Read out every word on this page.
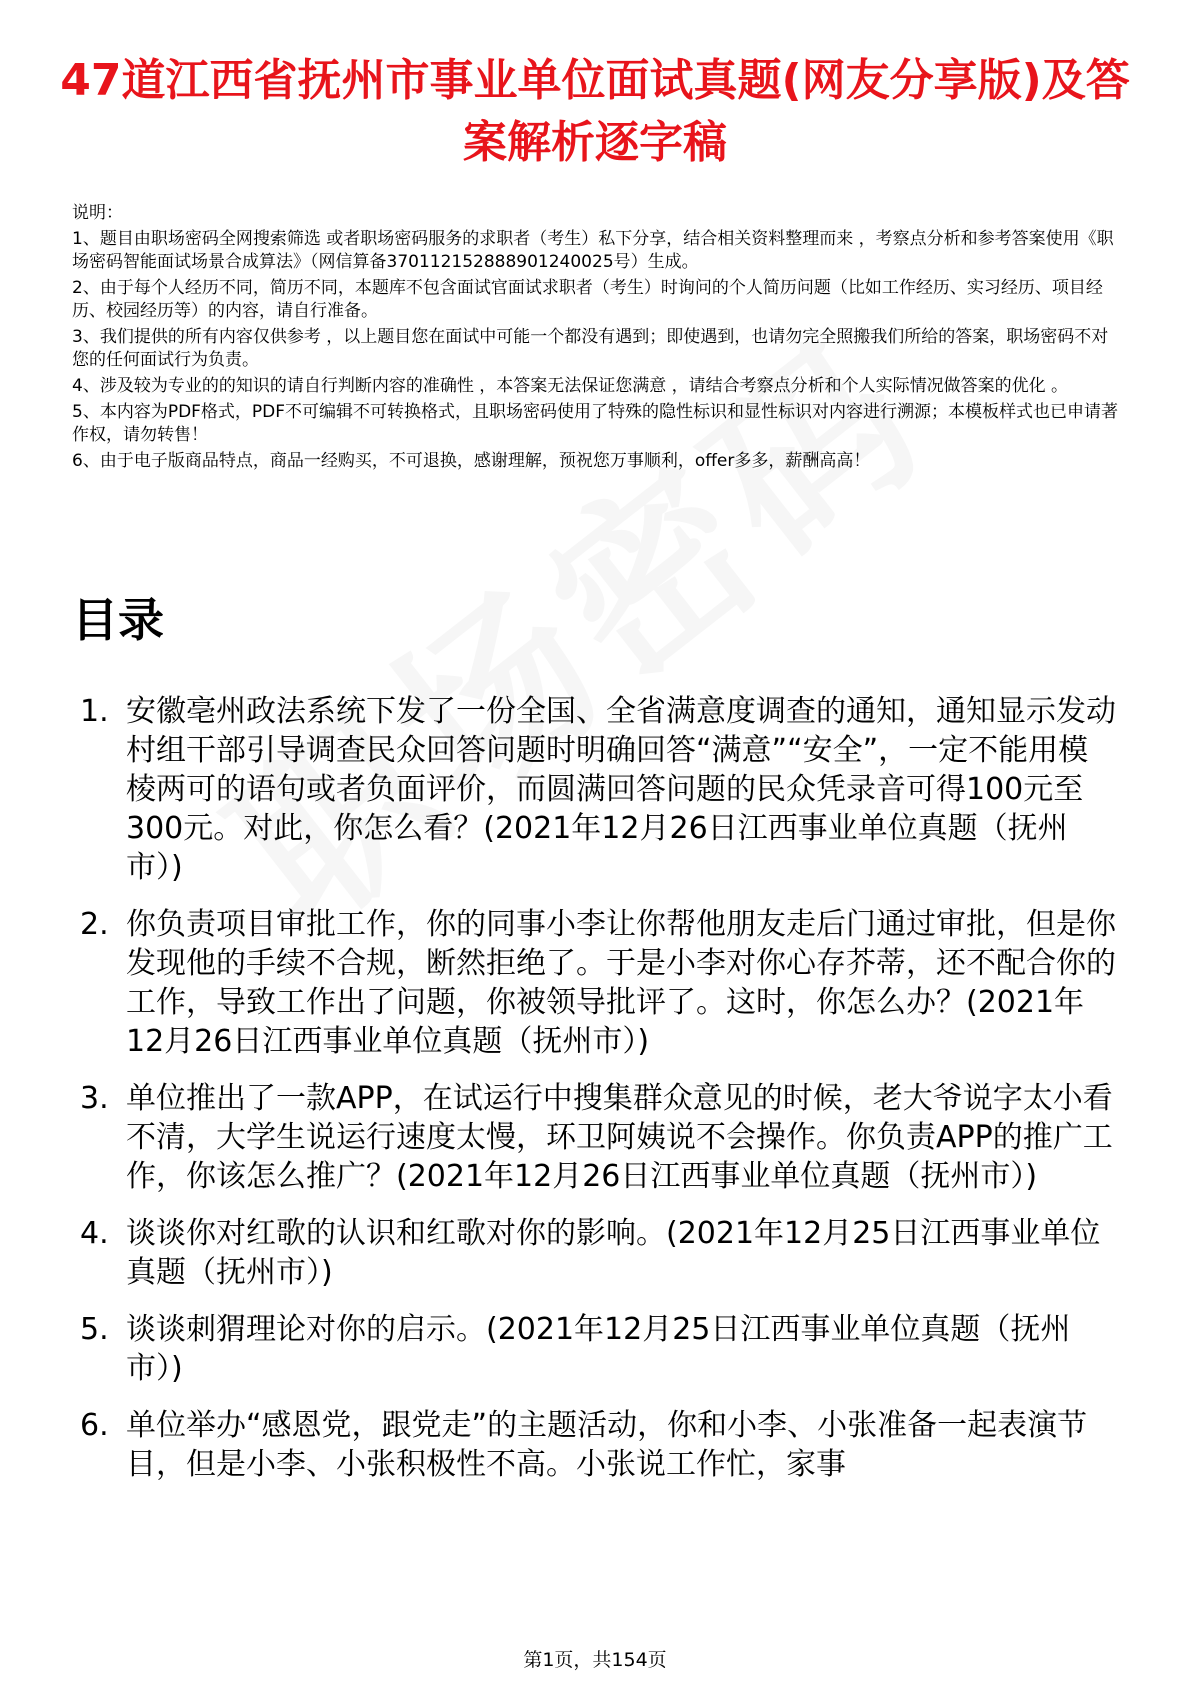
47道江西省抚州市事业单位面试真题(网友分享版)及答案解析逐字稿

说明：

1、题目由职场密码全网搜索筛选 或者职场密码服务的求职者（考生）私下分享，结合相关资料整理而来 ，考察点分析和参考答案使用《职场密码智能面试场景合成算法》（网信算备370112152888901240025号）生成。

2、由于每个人经历不同，简历不同，本题库不包含面试官面试求职者（考生）时询问的个人简历问题（比如工作经历、实习经历、项目经历、校园经历等）的内容，请自行准备。

3、我们提供的所有内容仅供参考 ，以上题目您在面试中可能一个都没有遇到；即使遇到，也请勿完全照搬我们所给的答案，职场密码不对您的任何面试行为负责。

4、涉及较为专业的的知识的请自行判断内容的准确性 ，本答案无法保证您满意 ，请结合考察点分析和个人实际情况做答案的优化 。

5、本内容为PDF格式，PDF不可编辑不可转换格式，且职场密码使用了特殊的隐性标识和显性标识对内容进行溯源；本模板样式也已申请著作权，请勿转售！

6、由于电子版商品特点，商品一经购买，不可退换，感谢理解，预祝您万事顺利，offer多多，薪酬高高！

目录
1. 安徽亳州政法系统下发了一份全国、全省满意度调查的通知，通知显示发动村组干部引导调查民众回答问题时明确回答“满意”“安全”，一定不能用模棱两可的语句或者负面评价，而圆满回答问题的民众凭录音可得100元至300元。对此，你怎么看？(2021年12月26日江西事业单位真题（抚州市）)
2. 你负责项目审批工作，你的同事小李让你帮他朋友走后门通过审批，但是你发现他的手续不合规，断然拒绝了。于是小李对你心存芥蒂，还不配合你的工作，导致工作出了问题，你被领导批评了。这时，你怎么办？(2021年12月26日江西事业单位真题（抚州市）)
3. 单位推出了一款APP，在试运行中搜集群众意见的时候，老大爷说字太小看不清，大学生说运行速度太慢，环卫阿姨说不会操作。你负责APP的推广工作，你该怎么推广？(2021年12月26日江西事业单位真题（抚州市）)
4. 谈谈你对红歌的认识和红歌对你的影响。(2021年12月25日江西事业单位真题（抚州市）)
5. 谈谈刺猬理论对你的启示。(2021年12月25日江西事业单位真题（抚州市）)
6. 单位举办“感恩党，跟党走”的主题活动，你和小李、小张准备一起表演节目，但是小李、小张积极性不高。小张说工作忙，家事
第1页，共154页
